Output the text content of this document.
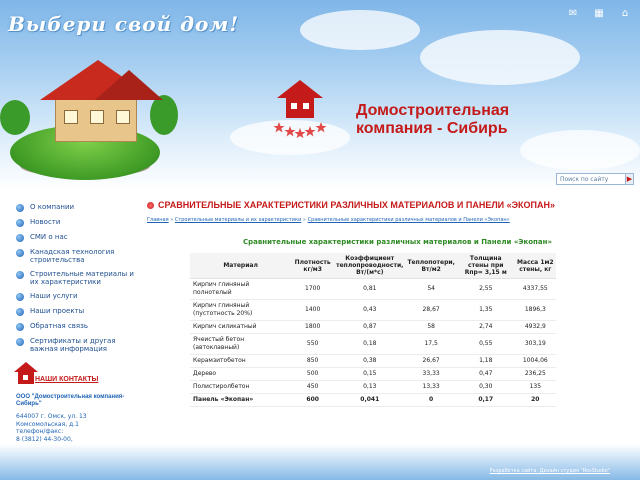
Выбери свой дом!	✉ ▦ ⌂
Домостроительная
компания - Сибирь
Поиск по сайту	▶
О компании
Новости
СМИ о нас
Канадская технология строительства
Строительные материалы и их характеристики
Наши услуги
Наши проекты
Обратная связь
Сертификаты и другая важная информация
НАШИ КОНТАКТЫ
ООО "Домостроительная компания-Сибирь"
644007 г. Омск, ул. 13
Комсомольская, д.1
телефон/факс:
8 (3812) 44-30-00,
СРАВНИТЕЛЬНЫЕ ХАРАКТЕРИСТИКИ РАЗЛИЧНЫХ МАТЕРИАЛОВ И ПАНЕЛИ «ЭКОПАН»
Главная » Строительные материалы и их характеристики » Сравнительные характеристики различных материалов и Панели «Экопан»
Сравнительные характеристики различных материалов и Панели «Экопан»
Материал	Плотность кг/м3	Коэффициент теплопроводности, Вт/(м*с)	Теплопотери, Вт/м2	Толщина стены при Rпр= 3,15 м	Масса 1м2 стены, кг
Кирпич глиняный полнотелый	1700	0,81	54	2,55	4337,55
Кирпич глиняный (пустотность 20%)	1400	0,43	28,67	1,35	1896,3
Кирпич силикатный	1800	0,87	58	2,74	4932,9
Ячеистый бетон (автоклавный)	550	0,18	17,5	0,55	303,19
Керамзитобетон	850	0,38	26,67	1,18	1004,06
Дерево	500	0,15	33,33	0,47	236,25
Полистиролбетон	450	0,13	13,33	0,30	135
Панель «Экопан»	600	0,041	0	0,17	20
Разработка сайта: Дизайн студия "RosStudio"
